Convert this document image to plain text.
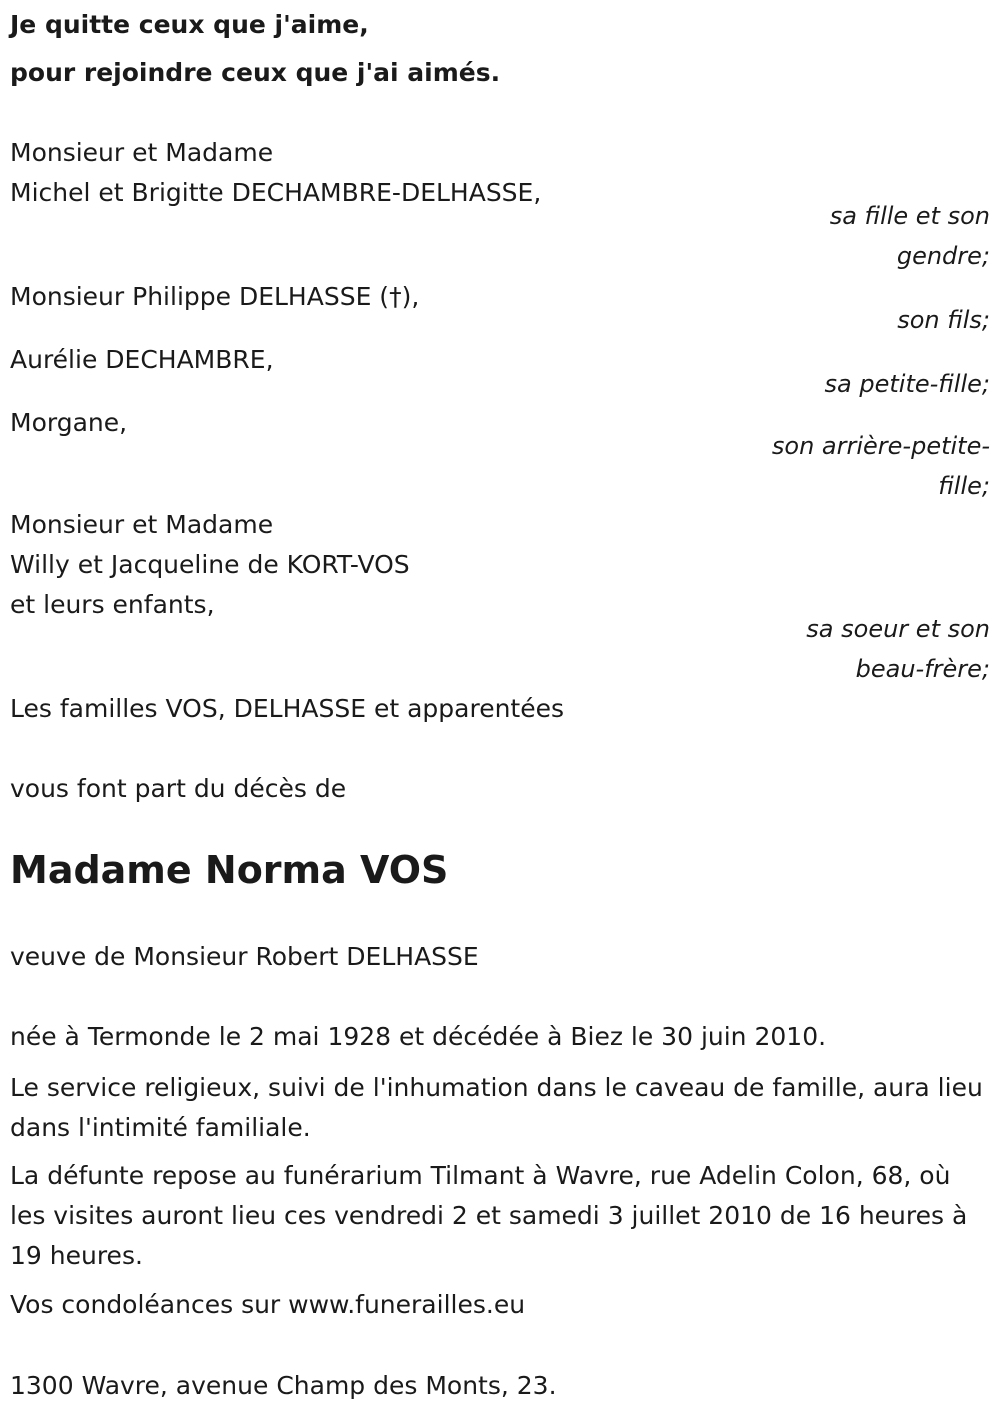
Je quitte ceux que j'aime,
pour rejoindre ceux que j'ai aimés.
Monsieur et Madame
Michel et Brigitte DECHAMBRE-DELHASSE,
sa fille et son
gendre;
Monsieur Philippe DELHASSE (†),
son fils;
Aurélie DECHAMBRE,
sa petite-fille;
Morgane,
son arrière-petite-
fille;
Monsieur et Madame
Willy et Jacqueline de KORT-VOS
et leurs enfants,
sa soeur et son
beau-frère;
Les familles VOS, DELHASSE et apparentées
vous font part du décès de
Madame Norma VOS
veuve de Monsieur Robert DELHASSE
née à Termonde le 2 mai 1928 et décédée à Biez le 30 juin 2010.
Le service religieux, suivi de l'inhumation dans le caveau de famille, aura lieu dans l'intimité familiale.
La défunte repose au funérarium Tilmant à Wavre, rue Adelin Colon, 68, où les visites auront lieu ces vendredi 2 et samedi 3 juillet 2010 de 16 heures à 19 heures.
Vos condoléances sur www.funerailles.eu
1300 Wavre, avenue Champ des Monts, 23.
